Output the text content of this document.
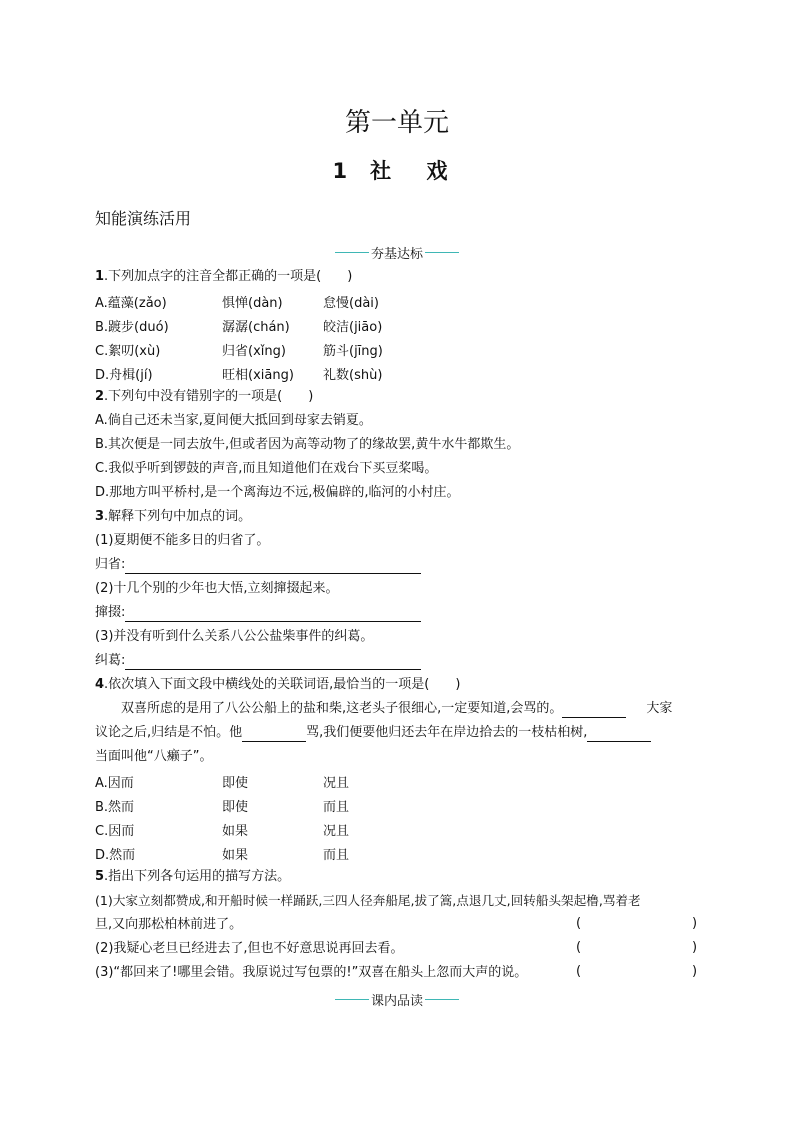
第一单元
1 社 戏
知能演练活用
夯基达标
1.下列加点字的注音全都正确的一项是(　　)
A.蕴藻(zǎo)	惧惮(dàn)	怠慢(dài)
B.踱步(duó)	潺潺(chán)	皎洁(jiāo)
C.絮叨(xù)	归省(xǐng)	筋斗(jīng)
D.舟楫(jí)	旺相(xiāng) 礼数(shù)
2.下列句中没有错别字的一项是(　　)
A.倘自己还未当家,夏间便大抵回到母家去销夏。
B.其次便是一同去放牛,但或者因为高等动物了的缘故罢,黄牛水牛都欺生。
C.我似乎听到锣鼓的声音,而且知道他们在戏台下买豆桨喝。
D.那地方叫平桥村,是一个离海边不远,极偏辟的,临河的小村庄。
3.解释下列句中加点的词。
(1)夏期便不能多日的归省了。
归省:
(2)十几个别的少年也大悟,立刻撺掇起来。
撺掇:
(3)并没有听到什么关系八公公盐柴事件的纠葛。
纠葛:
4.依次填入下面文段中横线处的关联词语,最恰当的一项是(　　)
双喜所虑的是用了八公公船上的盐和柴,这老头子很细心,一定要知道,会骂的。	大家
议论之后,归结是不怕。他	骂,我们便要他归还去年在岸边拾去的一枝枯桕树,
当面叫他“八癞子”。
A.因而	即使	况且
B.然而	即使	而且
C.因而	如果	况且
D.然而	如果	而且
5.指出下列各句运用的描写方法。
(1)大家立刻都赞成,和开船时候一样踊跃,三四人径奔船尾,拔了篙,点退几丈,回转船头架起橹,骂着老
旦,又向那松柏林前进了。	(	)
(2)我疑心老旦已经进去了,但也不好意思说再回去看。	(	)
(3)“都回来了!哪里会错。我原说过写包票的!”双喜在船头上忽而大声的说。	(	)
课内品读
